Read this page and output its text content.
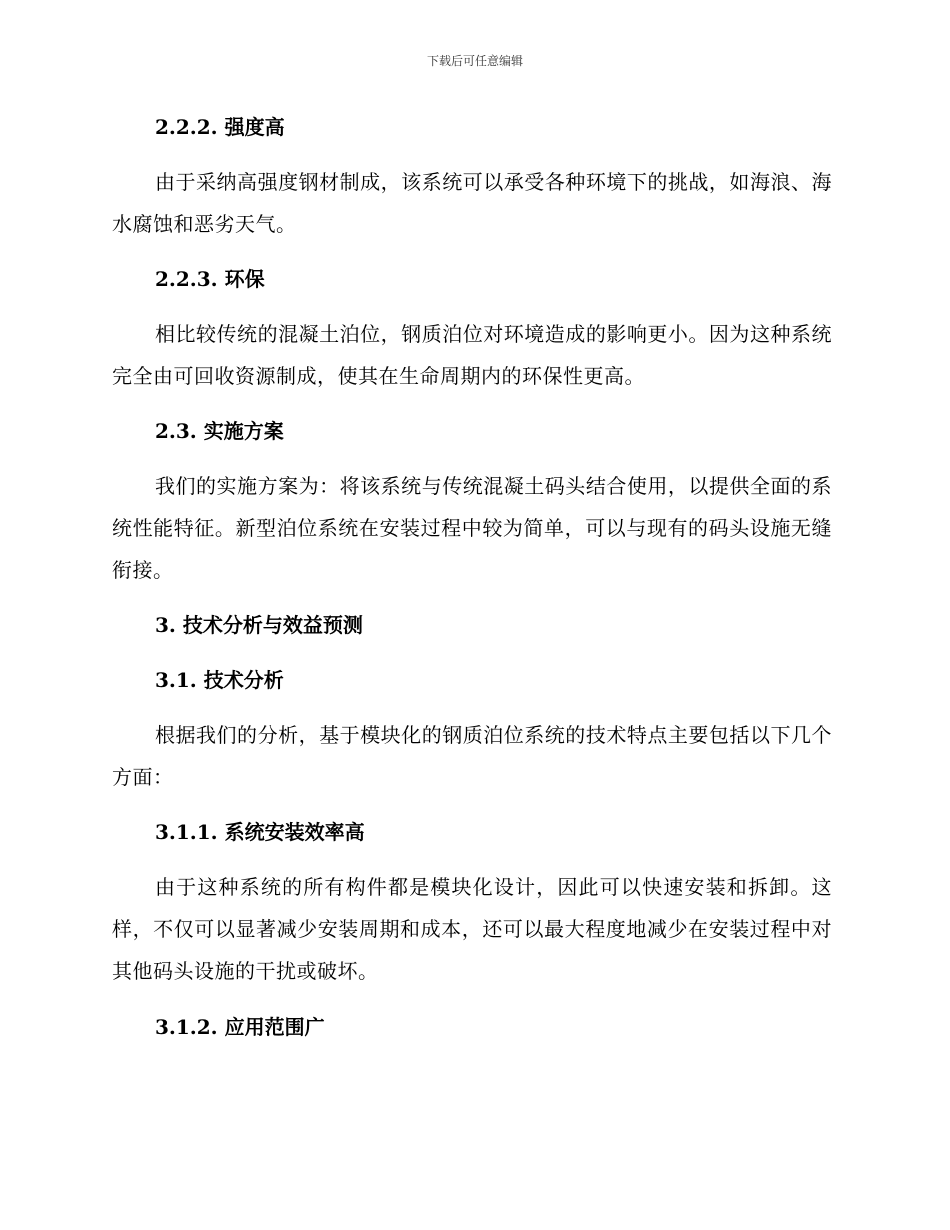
下载后可任意编辑
2.2.2. 强度高
由于采纳高强度钢材制成，该系统可以承受各种环境下的挑战，如海浪、海水腐蚀和恶劣天气。
2.2.3. 环保
相比较传统的混凝土泊位，钢质泊位对环境造成的影响更小。因为这种系统完全由可回收资源制成，使其在生命周期内的环保性更高。
2.3. 实施方案
我们的实施方案为：将该系统与传统混凝土码头结合使用，以提供全面的系统性能特征。新型泊位系统在安装过程中较为简单，可以与现有的码头设施无缝衔接。
3. 技术分析与效益预测
3.1. 技术分析
根据我们的分析，基于模块化的钢质泊位系统的技术特点主要包括以下几个方面：
3.1.1. 系统安装效率高
由于这种系统的所有构件都是模块化设计，因此可以快速安装和拆卸。这样，不仅可以显著减少安装周期和成本，还可以最大程度地减少在安装过程中对其他码头设施的干扰或破坏。
3.1.2. 应用范围广
